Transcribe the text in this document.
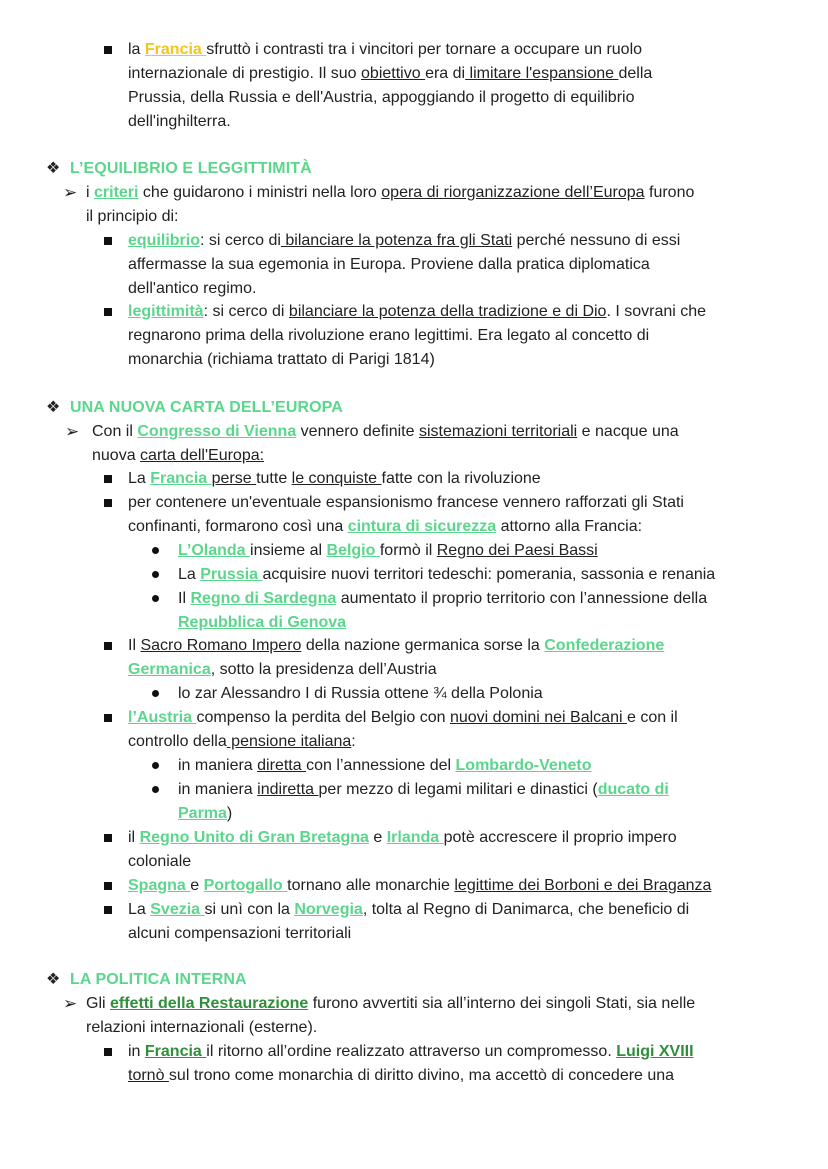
la Francia sfruttò i contrasti tra i vincitori per tornare a occupare un ruolo
internazionale di prestigio. Il suo obiettivo era di limitare l'espansione della
Prussia, della Russia e dell'Austria, appoggiando il progetto di equilibrio
dell'inghilterra.
❖ L’EQUILIBRIO E LEGGITTIMITÀ
➢ i criteri che guidarono i ministri nella loro opera di riorganizzazione dell’Europa furono
il principio di:
equilibrio: si cerco di bilanciare la potenza fra gli Stati perché nessuno di essi
affermasse la sua egemonia in Europa. Proviene dalla pratica diplomatica
dell'antico regimo.
legittimità: si cerco di bilanciare la potenza della tradizione e di Dio. I sovrani che
regnarono prima della rivoluzione erano legittimi. Era legato al concetto di
monarchia (richiama trattato di Parigi 1814)
❖ UNA NUOVA CARTA DELL’EUROPA
➢ Con il Congresso di Vienna vennero definite sistemazioni territoriali e nacque una
nuova carta dell'Europa:
La Francia perse tutte le conquiste fatte con la rivoluzione
per contenere un'eventuale espansionismo francese vennero rafforzati gli Stati
confinanti, formarono così una cintura di sicurezza attorno alla Francia:
L’Olanda insieme al Belgio formò il Regno dei Paesi Bassi
La Prussia acquisire nuovi territori tedeschi: pomerania, sassonia e renania
Il Regno di Sardegna aumentato il proprio territorio con l’annessione della
Repubblica di Genova
Il Sacro Romano Impero della nazione germanica sorse la Confederazione
Germanica, sotto la presidenza dell’Austria
lo zar Alessandro I di Russia ottene ¾ della Polonia
l’Austria compenso la perdita del Belgio con nuovi domini nei Balcani e con il
controllo della pensione italiana:
in maniera diretta con l’annessione del Lombardo-Veneto
in maniera indiretta per mezzo di legami militari e dinastici (ducato di
Parma)
il Regno Unito di Gran Bretagna e Irlanda potè accrescere il proprio impero
coloniale
Spagna e Portogallo tornano alle monarchie legittime dei Borboni e dei Braganza
La Svezia si unì con la Norvegia, tolta al Regno di Danimarca, che beneficio di
alcuni compensazioni territoriali
❖ LA POLITICA INTERNA
➢ Gli effetti della Restaurazione furono avvertiti sia all’interno dei singoli Stati, sia nelle
relazioni internazionali (esterne).
in Francia il ritorno all’ordine realizzato attraverso un compromesso. Luigi XVIII
tornò sul trono come monarchia di diritto divino, ma accettò di concedere una
